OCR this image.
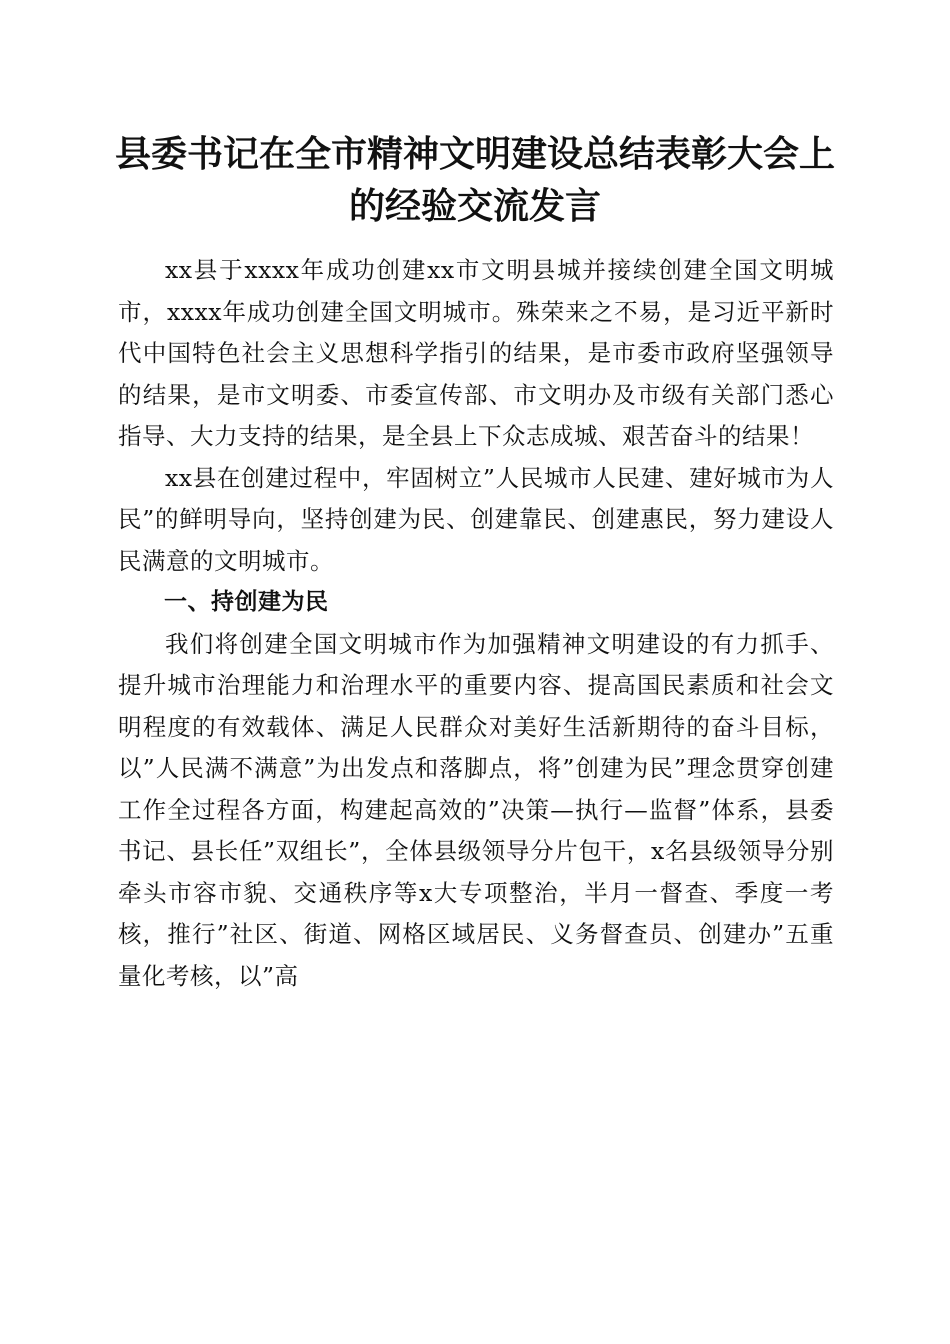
县委书记在全市精神文明建设总结表彰大会上
的经验交流发言

xx县于xxxx年成功创建xx市文明县城并接续创建全国文明城市，xxxx年成功创建全国文明城市。殊荣来之不易，是习近平新时代中国特色社会主义思想科学指引的结果，是市委市政府坚强领导的结果，是市文明委、市委宣传部、市文明办及市级有关部门悉心指导、大力支持的结果，是全县上下众志成城、艰苦奋斗的结果！

xx县在创建过程中，牢固树立”人民城市人民建、建好城市为人民”的鲜明导向，坚持创建为民、创建靠民、创建惠民，努力建设人民满意的文明城市。

一、持创建为民

我们将创建全国文明城市作为加强精神文明建设的有力抓手、提升城市治理能力和治理水平的重要内容、提高国民素质和社会文明程度的有效载体、满足人民群众对美好生活新期待的奋斗目标，以”人民满不满意”为出发点和落脚点，将”创建为民”理念贯穿创建工作全过程各方面，构建起高效的”决策—执行—监督”体系，县委书记、县长任”双组长”，全体县级领导分片包干，x名县级领导分别牵头市容市貌、交通秩序等x大专项整治，半月一督查、季度一考核，推行”社区、街道、网格区域居民、义务督查员、创建办”五重量化考核，以”高
